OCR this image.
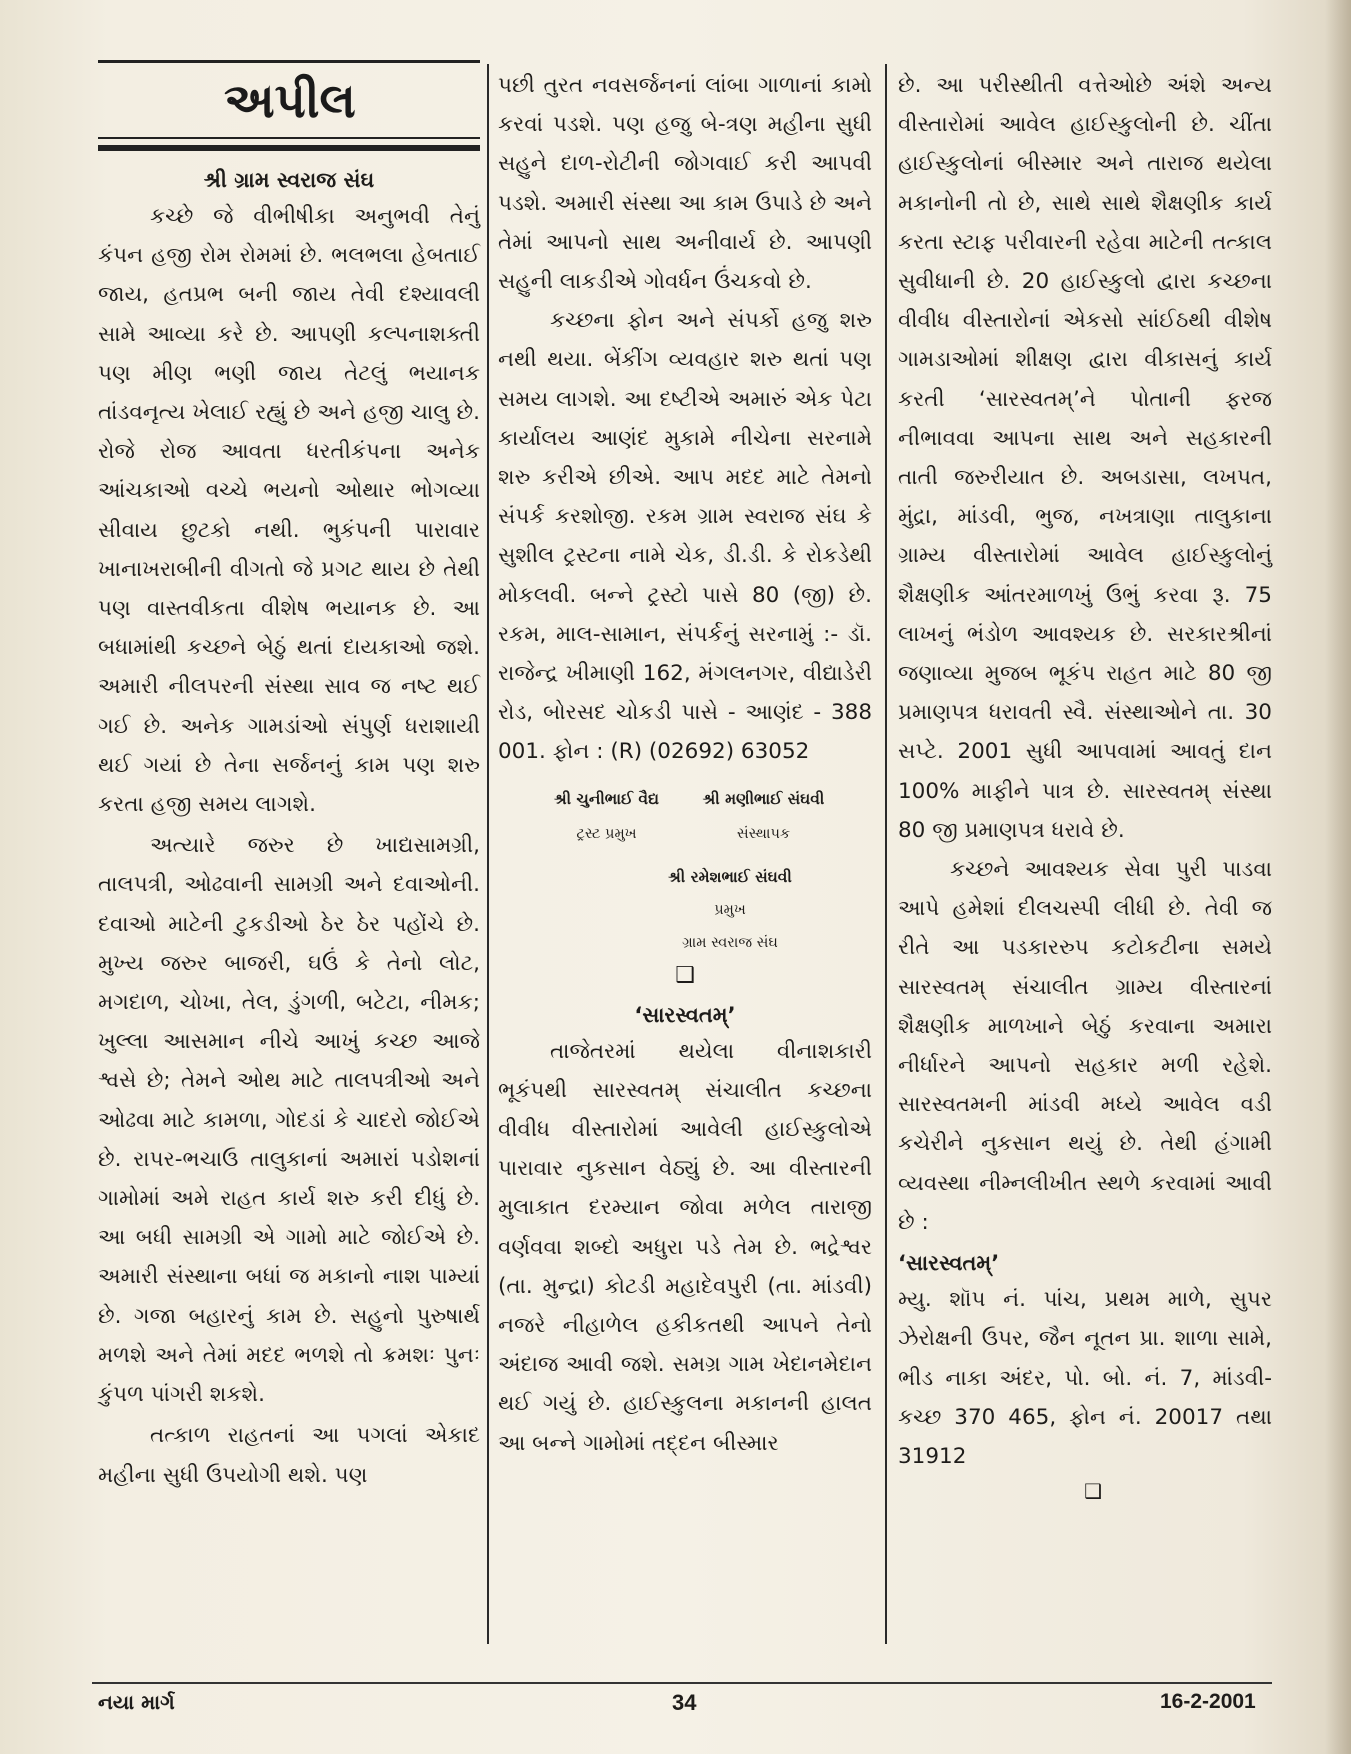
અપીલ
શ્રી ગ્રામ સ્વરાજ સંઘ

કચ્છે જે વીભીષીકા અનુભવી તેનું કંપન હજી રોમ રોમમાં છે. ભલભલા હેબતાઈ જાય, હતપ્રભ બની જાય તેવી દશ્યાવલી સામે આવ્યા કરે છે. આપણી કલ્પનાશક્તી પણ મીણ ભણી જાય તેટલું ભયાનક તાંડવનૃત્ય ખેલાઈ રહ્યું છે અને હજી ચાલુ છે. રોજે રોજ આવતા ધરતીકંપના અનેક આંચકાઓ વચ્ચે ભયનો ઓથાર ભોગવ્યા સીવાય છુટકો નથી. ભુકંપની પારાવાર ખાનાખરાબીની વીગતો જે પ્રગટ થાય છે તેથી પણ વાસ્તવીકતા વીશેષ ભયાનક છે. આ બધામાંથી કચ્છને બેઠું થતાં દાયકાઓ જશે. અમારી નીલપરની સંસ્થા સાવ જ નષ્ટ થઈ ગઈ છે. અનેક ગામડાંઓ સંપુર્ણ ધરાશાયી થઈ ગયાં છે તેના સર્જનનું કામ પણ શરુ કરતા હજી સમય લાગશે.

અત્યારે જરુર છે ખાદ્યસામગ્રી, તાલપત્રી, ઓઢવાની સામગ્રી અને દવાઓની. દવાઓ માટેની ટુકડીઓ ઠેર ઠેર પહોંચે છે. મુખ્ય જરુર બાજરી, ઘઉં કે તેનો લોટ, મગદાળ, ચોખા, તેલ, ડુંગળી, બટેટા, નીમક; ખુલ્લા આસમાન નીચે આખું કચ્છ આજે શ્વસે છે; તેમને ઓથ માટે તાલપત્રીઓ અને ઓઢવા માટે કામળા, ગોદડાં કે ચાદરો જોઈએ છે. રાપર-ભચાઉ તાલુકાનાં અમારાં પડોશનાં ગામોમાં અમે રાહત કાર્ય શરુ કરી દીધું છે. આ બધી સામગ્રી એ ગામો માટે જોઈએ છે. અમારી સંસ્થાના બધાં જ મકાનો નાશ પામ્યાં છે. ગજા બહારનું કામ છે. સહુનો પુરુષાર્થ મળશે અને તેમાં મદદ ભળશે તો ક્રમશઃ પુનઃ કુંપળ પાંગરી શકશે.

તત્કાળ રાહતનાં આ પગલાં એકાદ મહીના સુધી ઉપયોગી થશે. પણ

પછી તુરત નવસર્જનનાં લાંબા ગાળાનાં કામો કરવાં પડશે. પણ હજુ બે-ત્રણ મહીના સુધી સહુને દાળ-રોટીની જોગવાઈ કરી આપવી પડશે. અમારી સંસ્થા આ કામ ઉપાડે છે અને તેમાં આપનો સાથ અનીવાર્ય છે. આપણી સહુની લાકડીએ ગોવર્ધન ઉંચકવો છે.

કચ્છના ફોન અને સંપર્કો હજુ શરુ નથી થયા. બેંકીંગ વ્યવહાર શરુ થતાં પણ સમય લાગશે. આ દષ્ટીએ અમારું એક પેટા કાર્યાલય આણંદ મુકામે નીચેના સરનામે શરુ કરીએ છીએ. આપ મદદ માટે તેમનો સંપર્ક કરશોજી. રકમ ગ્રામ સ્વરાજ સંઘ કે સુશીલ ટ્રસ્ટના નામે ચેક, ડી.ડી. કે રોકડેથી મોકલવી. બન્ને ટ્રસ્ટો પાસે 80 (જી) છે. રકમ, માલ-સામાન, સંપર્કનું સરનામું :- ડૉ. રાજેન્દ્ર ખીમાણી 162, મંગલનગર, વીદ્યાડેરી રોડ, બોરસદ ચોકડી પાસે - આણંદ - 388 001. ફોન : (R) (02692) 63052

શ્રી ચુનીભાઈ વૈદ્ય
ટ્રસ્ટ પ્રમુખ
શ્રી મણીભાઈ સંઘવી
સંસ્થાપક
શ્રી રમેશભાઈ સંઘવી
પ્રમુખ
ગ્રામ સ્વરાજ સંઘ
❑
‘સારસ્વતમ્’

તાજેતરમાં થયેલા વીનાશકારી ભૂકંપથી સારસ્વતમ્ સંચાલીત કચ્છના વીવીધ વીસ્તારોમાં આવેલી હાઈસ્કુલોએ પારાવાર નુકસાન વેઠ્યું છે. આ વીસ્તારની મુલાકાત દરમ્યાન જોવા મળેલ તારાજી વર્ણવવા શબ્દો અધુરા પડે તેમ છે. ભદ્રેશ્વર (તા. મુન્દ્રા) કોટડી મહાદેવપુરી (તા. માંડવી) નજરે નીહાળેલ હકીકતથી આપને તેનો અંદાજ આવી જશે. સમગ્ર ગામ ખેદાનમેદાન થઈ ગયું છે. હાઈસ્કુલના મકાનની હાલત આ બન્ને ગામોમાં તદ્દન બીસ્માર

છે. આ પરીસ્થીતી વત્તેઓછે અંશે અન્ય વીસ્તારોમાં આવેલ હાઈસ્કુલોની છે. ચીંતા હાઈસ્કુલોનાં બીસ્માર અને તારાજ થયેલા મકાનોની તો છે, સાથે સાથે શૈક્ષણીક કાર્ય કરતા સ્ટાફ પરીવારની રહેવા માટેની તત્કાલ સુવીધાની છે. 20 હાઈસ્કુલો દ્વારા કચ્છના વીવીધ વીસ્તારોનાં એકસો સાંઈઠથી વીશેષ ગામડાઓમાં શીક્ષણ દ્વારા વીકાસનું કાર્ય કરતી ‘સારસ્વતમ્’ને પોતાની ફરજ નીભાવવા આપના સાથ અને સહકારની તાતી જરુરીયાત છે. અબડાસા, લખપત, મુંદ્રા, માંડવી, ભુજ, નખત્રાણા તાલુકાના ગ્રામ્ય વીસ્તારોમાં આવેલ હાઈસ્કુલોનું શૈક્ષણીક આંતરમાળખું ઉભું કરવા રૂ. 75 લાખનું ભંડોળ આવશ્યક છે. સરકારશ્રીનાં જણાવ્યા મુજબ ભૂકંપ રાહત માટે 80 જી પ્રમાણપત્ર ધરાવતી સ્વૈ. સંસ્થાઓને તા. 30 સપ્ટે. 2001 સુધી આપવામાં આવતું દાન 100% માફીને પાત્ર છે. સારસ્વતમ્ સંસ્થા 80 જી પ્રમાણપત્ર ધરાવે છે.

કચ્છને આવશ્યક સેવા પુરી પાડવા આપે હમેશાં દીલચસ્પી લીધી છે. તેવી જ રીતે આ પડકારરુપ કટોકટીના સમયે સારસ્વતમ્ સંચાલીત ગ્રામ્ય વીસ્તારનાં શૈક્ષણીક માળખાને બેઠું કરવાના અમારા નીર્ધારને આપનો સહકાર મળી રહેશે. સારસ્વતમની માંડવી મધ્યે આવેલ વડી કચેરીને નુકસાન થયું છે. તેથી હંગામી વ્યવસ્થા નીમ્નલીખીત સ્થળે કરવામાં આવી છે :

‘સારસ્વતમ્’

મ્યુ. શૉપ નં. પાંચ, પ્રથમ માળે, સુપર ઝેરોક્ષની ઉપર, જૈન નૂતન પ્રા. શાળા સામે, ભીડ નાકા અંદર, પો. બો. નં. 7, માંડવી-કચ્છ 370 465, ફોન નં. 20017 તથા 31912

❑
નયા માર્ગ	34	16-2-2001
